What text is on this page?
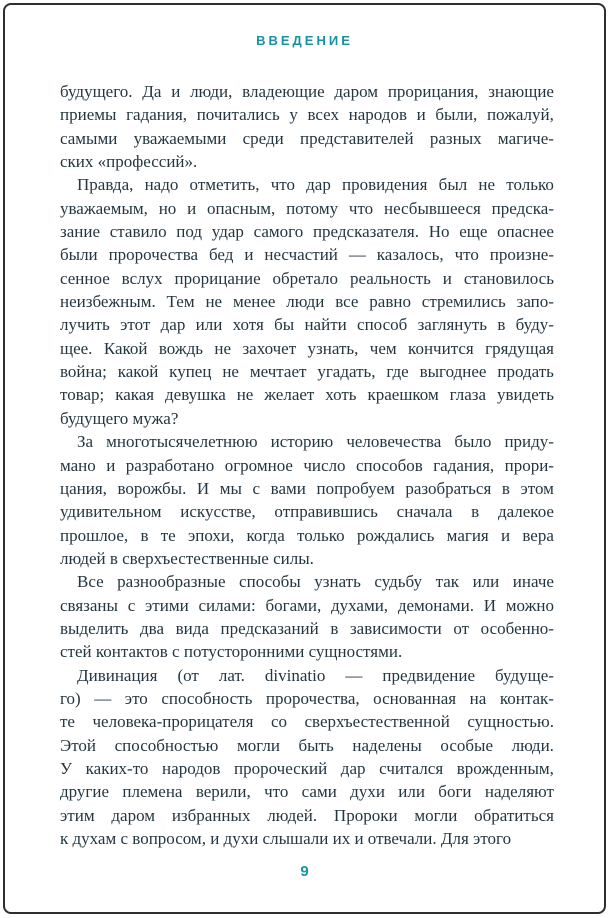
ВВЕДЕНИЕ
будущего. Да и люди, владеющие даром прорицания, знающие
приемы гадания, почитались у всех народов и были, пожалуй,
самыми уважаемыми среди представителей разных магиче-
ских «профессий».
Правда, надо отметить, что дар провидения был не только
уважаемым, но и опасным, потому что несбывшееся предска-
зание ставило под удар самого предсказателя. Но еще опаснее
были пророчества бед и несчастий — казалось, что произне-
сенное вслух прорицание обретало реальность и становилось
неизбежным. Тем не менее люди все равно стремились запо-
лучить этот дар или хотя бы найти способ заглянуть в буду-
щее. Какой вождь не захочет узнать, чем кончится грядущая
война; какой купец не мечтает угадать, где выгоднее продать
товар; какая девушка не желает хоть краешком глаза увидеть
будущего мужа?
За многотысячелетнюю историю человечества было приду-
мано и разработано огромное число способов гадания, прори-
цания, ворожбы. И мы с вами попробуем разобраться в этом
удивительном искусстве, отправившись сначала в далекое
прошлое, в те эпохи, когда только рождались магия и вера
людей в сверхъестественные силы.
Все разнообразные способы узнать судьбу так или иначе
связаны с этими силами: богами, духами, демонами. И можно
выделить два вида предсказаний в зависимости от особенно-
стей контактов с потусторонними сущностями.
Дивинация (от лат. divinatio — предвидение будуще-
го) — это способность пророчества, основанная на контак-
те человека-прорицателя со сверхъестественной сущностью.
Этой способностью могли быть наделены особые люди.
У каких-то народов пророческий дар считался врожденным,
другие племена верили, что сами духи или боги наделяют
этим даром избранных людей. Пророки могли обратиться
к духам с вопросом, и духи слышали их и отвечали. Для этого
9
